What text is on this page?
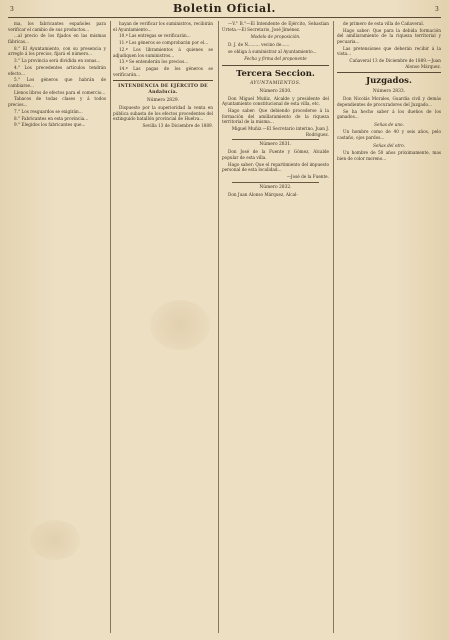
3	Boletin Oficial.	3

ma, los fabricantes españoles para verificar el cambio de sus productos...

...al precio de los fijados en las mismas fábricas...

8.° El Ayuntamiento, con su presencia y arreglo á los precios, fijará el número...

3.° La provincia será dividida en zonas...

4.° Los precedentes artículos tendrán efecto...

5.° Los géneros que habrán de cambiarse...

Llenos libros de efectos para el comercio...

Tabacos de todas clases y á todos precios...

7.° Los resguardos se exigirán...

8.° Fabricantes en esta provincia...

9.° Elegidos los fabricantes que...

hayan de verificar los suministros, recibirán el Ayuntamiento...

10.ª Las entregas se verificarán...

11.ª Los géneros se comprobarán por el...

12.ª Los libramientos á quienes se adjudiquen los suministros...

13.ª Se entenderán los precios...

14.ª Las pagas de los géneros se verificarán...

INTENDENCIA DE EJÉRCITO DE Andalucía.
Número 2829.

Dispuesto por la superioridad la venta en pública subasta de los efectos procedentes del extinguido batallón provincial de Huelva...

Sevilla 13 de Diciembre de 1889.

—V.° B.°—El Intendente de Ejército, Sebastian Urteta.—El Secretario, José Jiménez.

Modelo de proposición.

D. J. de N......... vecino de......

se obliga á suministrar al Ayuntamiento...

Fecha y firma del proponente
Tercera Seccion.
AYUNTAMIENTOS.
Número 2830.

Don Miguel Muñiz, Alcalde y presidente del Ayuntamiento constitucional de esta villa, etc.

Hago saber: Que debiendo procederse á la formación del amillaramiento de la riqueza territorial de la misma...

Miguel Muñiz.—El Secretario interino, Juan J. Rodriguez.
Número 2831.

Don José de la Fuente y Gómez, Alcalde popular de esta villa.

Hago saber: Que el repartimiento del impuesto personal de esta localidad...

—José de la Fuente.
Número 2832.

Don Juan Alonso Márquez, Alcal-

de primero de esta villa de Cañaveral.

Hago saber: Que para la debida formación del amillaramiento de la riqueza territorial y pecuaria...

Las pretensiones que deberán recibir á la vista...

Cañaveral 13 de Diciembre de 1889.—Juan Alonso Márquez.
Juzgados.
Número 2833.

Don Nicolás Morales, Guardia civil y demás dependientes de procuradores del Juzgado...

Se ha hecho saber á los dueños de los ganados...

Señas de uno.

Un hombre como de 40 y seis años, pelo castaño, ojos pardos...

Señas del otro.

Un hombre de 50 años próximamente, mas bien de color moreno...
